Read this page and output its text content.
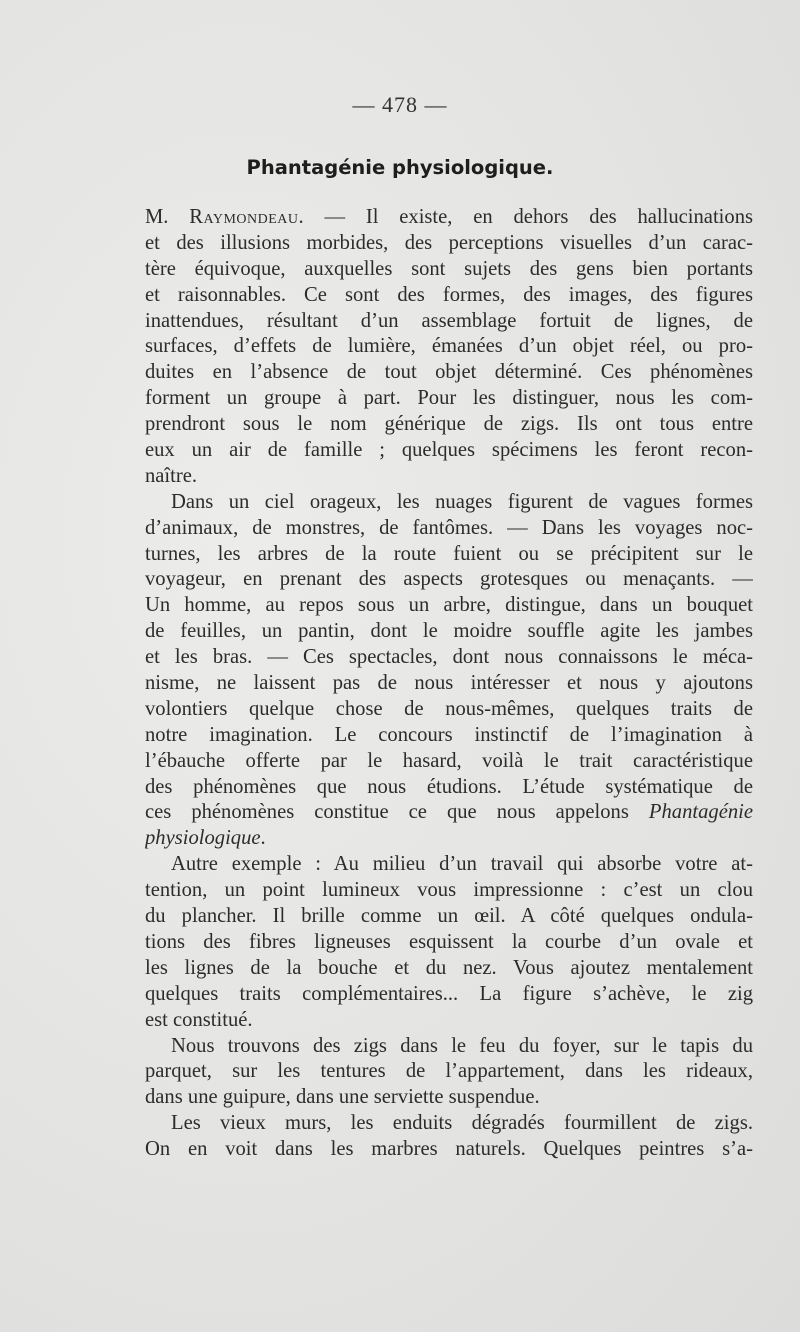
— 478 —
Phantagénie physiologique.
M. Raymondeau. — Il existe, en dehors des hallucinations
et des illusions morbides, des perceptions visuelles d’un carac-
tère équivoque, auxquelles sont sujets des gens bien portants
et raisonnables. Ce sont des formes, des images, des figures
inattendues, résultant d’un assemblage fortuit de lignes, de
surfaces, d’effets de lumière, émanées d’un objet réel, ou pro-
duites en l’absence de tout objet déterminé. Ces phénomènes
forment un groupe à part. Pour les distinguer, nous les com-
prendront sous le nom générique de zigs. Ils ont tous entre
eux un air de famille ; quelques spécimens les feront recon-
naître.
Dans un ciel orageux, les nuages figurent de vagues formes
d’animaux, de monstres, de fantômes. — Dans les voyages noc-
turnes, les arbres de la route fuient ou se précipitent sur le
voyageur, en prenant des aspects grotesques ou menaçants. —
Un homme, au repos sous un arbre, distingue, dans un bouquet
de feuilles, un pantin, dont le moidre souffle agite les jambes
et les bras. — Ces spectacles, dont nous connaissons le méca-
nisme, ne laissent pas de nous intéresser et nous y ajoutons
volontiers quelque chose de nous-mêmes, quelques traits de
notre imagination. Le concours instinctif de l’imagination à
l’ébauche offerte par le hasard, voilà le trait caractéristique
des phénomènes que nous étudions. L’étude systématique de
ces phénomènes constitue ce que nous appelons Phantagénie
physiologique.
Autre exemple : Au milieu d’un travail qui absorbe votre at-
tention, un point lumineux vous impressionne : c’est un clou
du plancher. Il brille comme un œil. A côté quelques ondula-
tions des fibres ligneuses esquissent la courbe d’un ovale et
les lignes de la bouche et du nez. Vous ajoutez mentalement
quelques traits complémentaires... La figure s’achève, le zig
est constitué.
Nous trouvons des zigs dans le feu du foyer, sur le tapis du
parquet, sur les tentures de l’appartement, dans les rideaux,
dans une guipure, dans une serviette suspendue.
Les vieux murs, les enduits dégradés fourmillent de zigs.
On en voit dans les marbres naturels. Quelques peintres s’a-
